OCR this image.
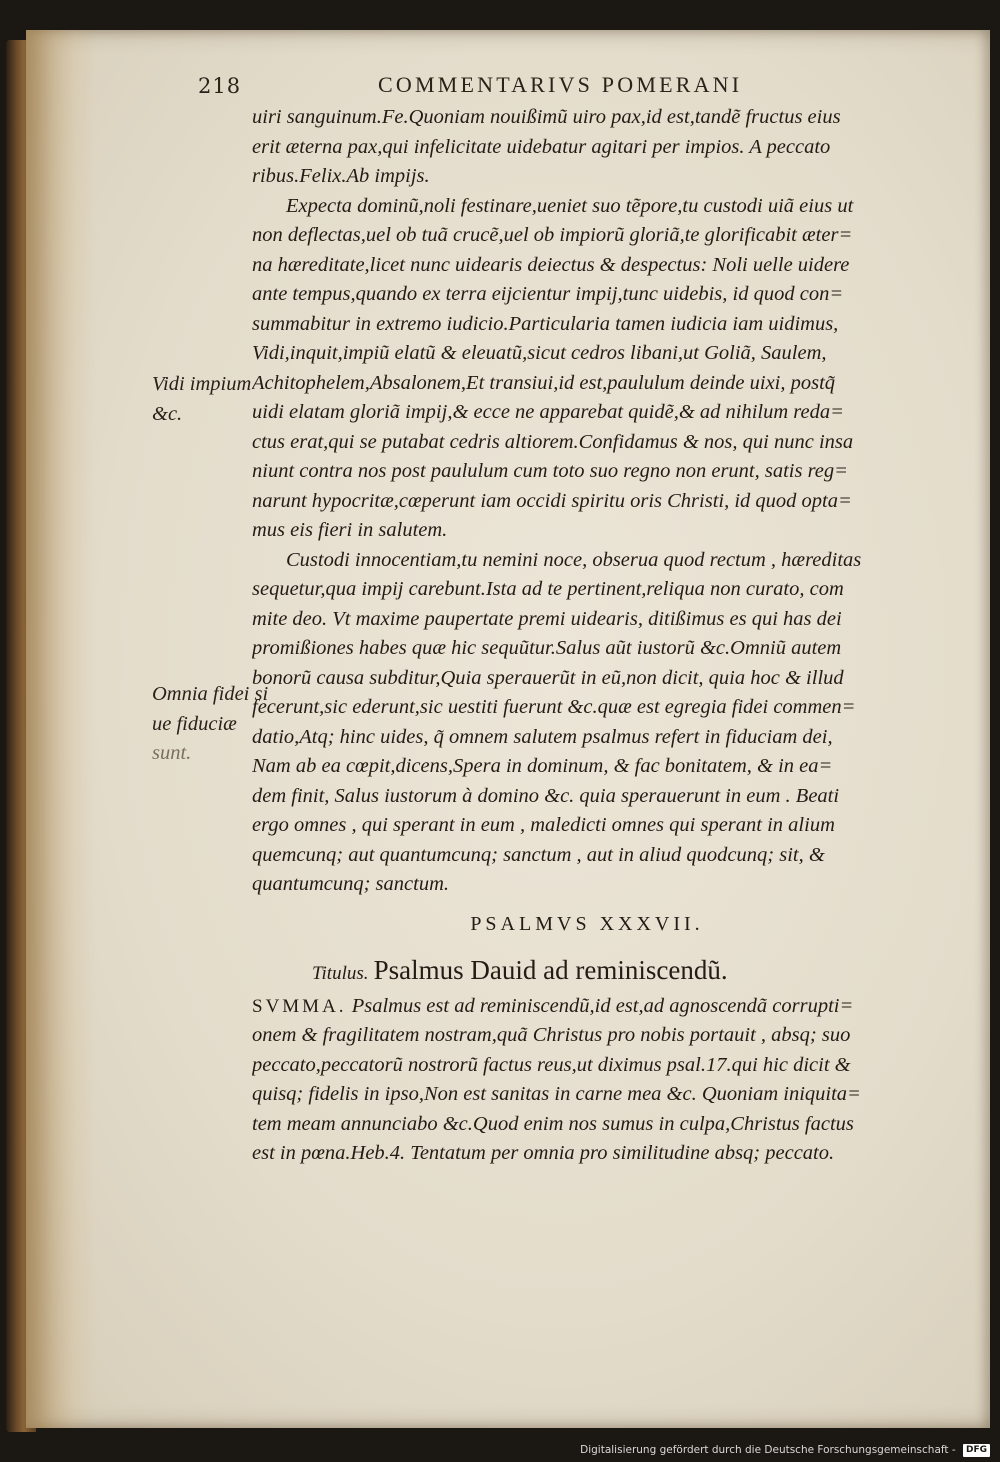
218	COMMENTARIVS POMERANI
uiri sanguinum.Fe.Quoniam nouißimũ uiro pax,id est,tandẽ fructus eius
erit æterna pax,qui infelicitate uidebatur agitari per impios. A peccato
ribus.Felix.Ab impijs.
Expecta dominũ,noli festinare,ueniet suo tẽpore,tu custodi uiã eius ut
non deflectas,uel ob tuã crucẽ,uel ob impiorũ gloriã,te glorificabit æter=
na hæreditate,licet nunc uidearis deiectus & despectus: Noli uelle uidere
ante tempus,quando ex terra eijcientur impij,tunc uidebis, id quod con=
summabitur in extremo iudicio.Particularia tamen iudicia iam uidimus,
Vidi,inquit,impiũ elatũ & eleuatũ,sicut cedros libani,ut Goliã, Saulem,
Achitophelem,Absalonem,Et transiui,id est,paululum deinde uixi, postq̃
uidi elatam gloriã impij,& ecce ne apparebat quidẽ,& ad nihilum reda=
ctus erat,qui se putabat cedris altiorem.Confidamus & nos, qui nunc insa
niunt contra nos post paululum cum toto suo regno non erunt, satis reg=
narunt hypocritæ,cœperunt iam occidi spiritu oris Christi, id quod opta=
mus eis fieri in salutem.
Custodi innocentiam,tu nemini noce, obserua quod rectum , hæreditas
sequetur,qua impij carebunt.Ista ad te pertinent,reliqua non curato, com
mite deo. Vt maxime paupertate premi uidearis, ditißimus es qui has dei
promißiones habes quæ hic sequũtur.Salus aũt iustorũ &c.Omniũ autem
bonorũ causa subditur,Quia sperauerũt in eũ,non dicit, quia hoc & illud
fecerunt,sic ederunt,sic uestiti fuerunt &c.quæ est egregia fidei commen=
datio,Atq; hinc uides, q̃ omnem salutem psalmus refert in fiduciam dei,
Nam ab ea cœpit,dicens,Spera in dominum, & fac bonitatem, & in ea=
dem finit, Salus iustorum à domino &c. quia sperauerunt in eum . Beati
ergo omnes , qui sperant in eum , maledicti omnes qui sperant in alium
quemcunq; aut quantumcunq; sanctum , aut in aliud quodcunq; sit, &
quantumcunq; sanctum.
PSALMVS XXXVII.
Titulus. Psalmus Dauid ad reminiscendũ.
SVMMA. Psalmus est ad reminiscendũ,id est,ad agnoscendã corrupti=
onem & fragilitatem nostram,quã Christus pro nobis portauit , absq; suo
peccato,peccatorũ nostrorũ factus reus,ut diximus psal.17.qui hic dicit &
quisq; fidelis in ipso,Non est sanitas in carne mea &c. Quoniam iniquita=
tem meam annunciabo &c.Quod enim nos sumus in culpa,Christus factus
est in pœna.Heb.4. Tentatum per omnia pro similitudine absq; peccato.
Vidi impium
&c.
Omnia fidei si
ue fiduciæ
sunt.
Digitalisierung gefördert durch die Deutsche Forschungsgemeinschaft - DFG
